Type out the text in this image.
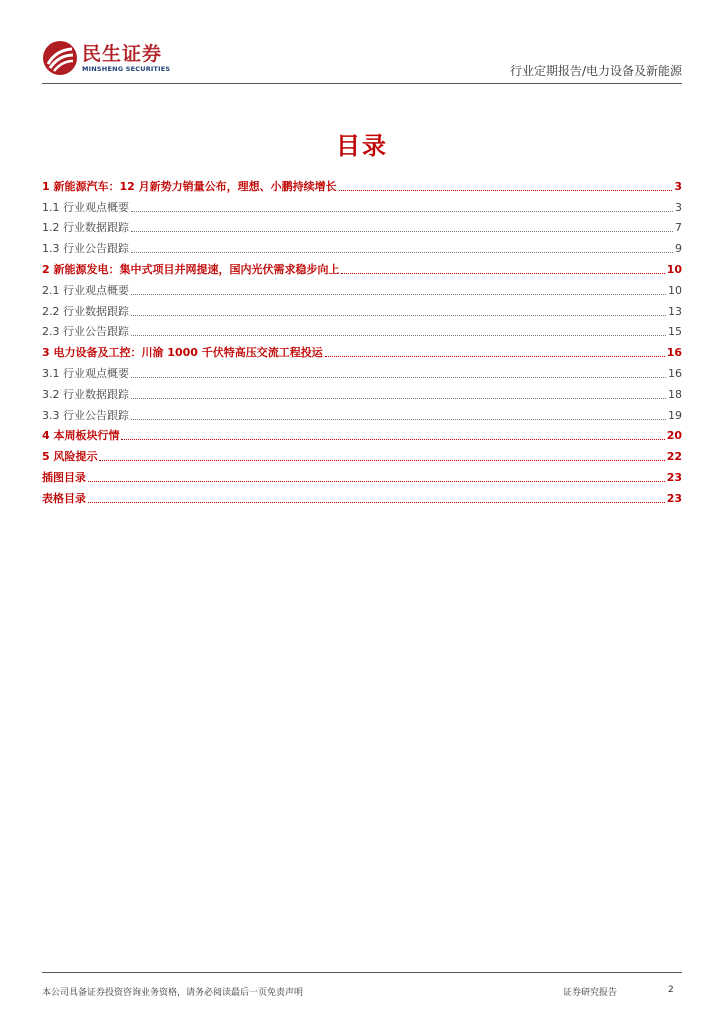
民生证券
MINSHENG SECURITIES	行业定期报告/电力设备及新能源
目录
1 新能源汽车：12 月新势力销量公布，理想、小鹏持续增长	3
1.1 行业观点概要	3
1.2 行业数据跟踪	7
1.3 行业公告跟踪	9
2 新能源发电：集中式项目并网提速，国内光伏需求稳步向上	10
2.1 行业观点概要	10
2.2 行业数据跟踪	13
2.3 行业公告跟踪	15
3 电力设备及工控：川渝 1000 千伏特高压交流工程投运	16
3.1 行业观点概要	16
3.2 行业数据跟踪	18
3.3 行业公告跟踪	19
4 本周板块行情	20
5 风险提示	22
插图目录	23
表格目录	23
本公司具备证券投资咨询业务资格，请务必阅读最后一页免责声明	证券研究报告	2
